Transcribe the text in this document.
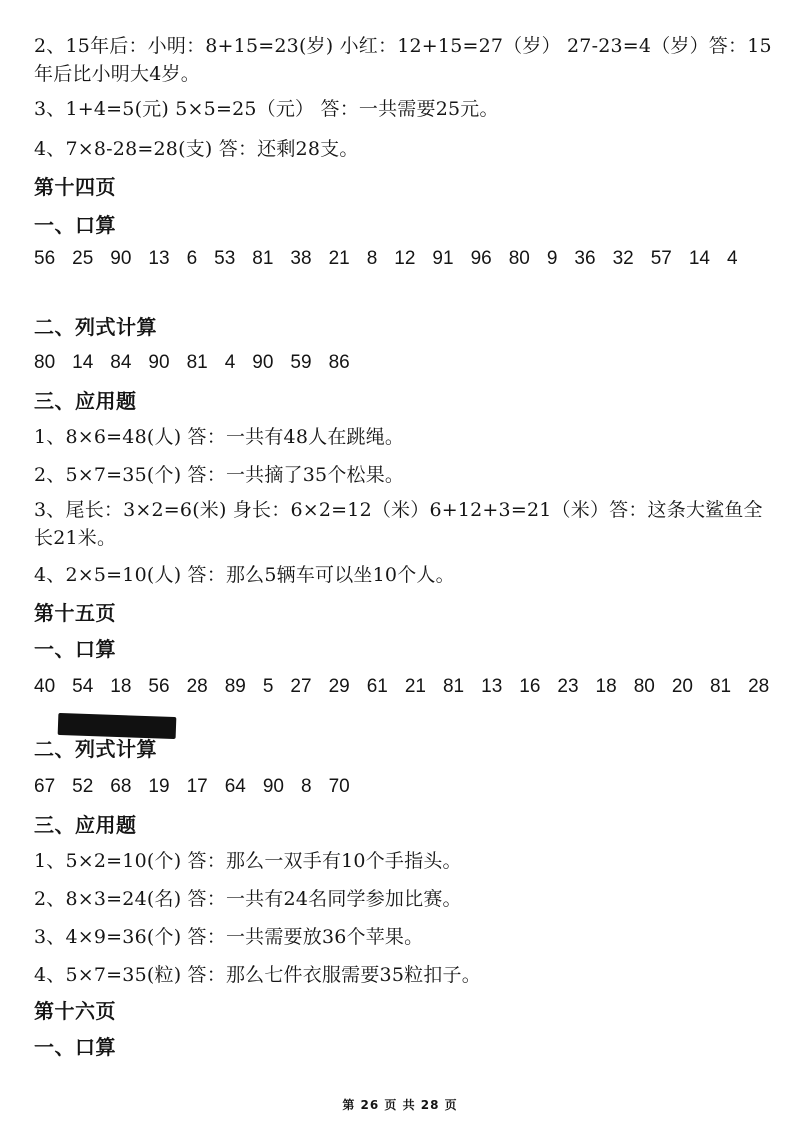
2、15年后：小明：8+15=23(岁) 小红：12+15=27（岁） 27-23=4（岁）答：15年后比小明大4岁。
3、1+4=5(元) 5×5=25（元） 答：一共需要25元。
4、7×8-28=28(支) 答：还剩28支。
第十四页
一、口算
56 25 90 13 6 53 81 38 21 8 12 91 96 80 9 36 32 57 14 4
二、列式计算
80 14 84 90 81 4 90 59 86
三、应用题
1、8×6=48(人) 答：一共有48人在跳绳。
2、5×7=35(个) 答：一共摘了35个松果。
3、尾长：3×2=6(米) 身长：6×2=12（米）6+12+3=21（米）答：这条大鲨鱼全长21米。
4、2×5=10(人) 答：那么5辆车可以坐10个人。
第十五页
一、口算
40 54 18 56 28 89 5 27 29 61 21 81 13 16 23 18 80 20 81 28
二、列式计算
67 52 68 19 17 64 90 8 70
三、应用题
1、5×2=10(个) 答：那么一双手有10个手指头。
2、8×3=24(名) 答：一共有24名同学参加比赛。
3、4×9=36(个) 答：一共需要放36个苹果。
4、5×7=35(粒) 答：那么七件衣服需要35粒扣子。
第十六页
一、口算
第 26 页 共 28 页
